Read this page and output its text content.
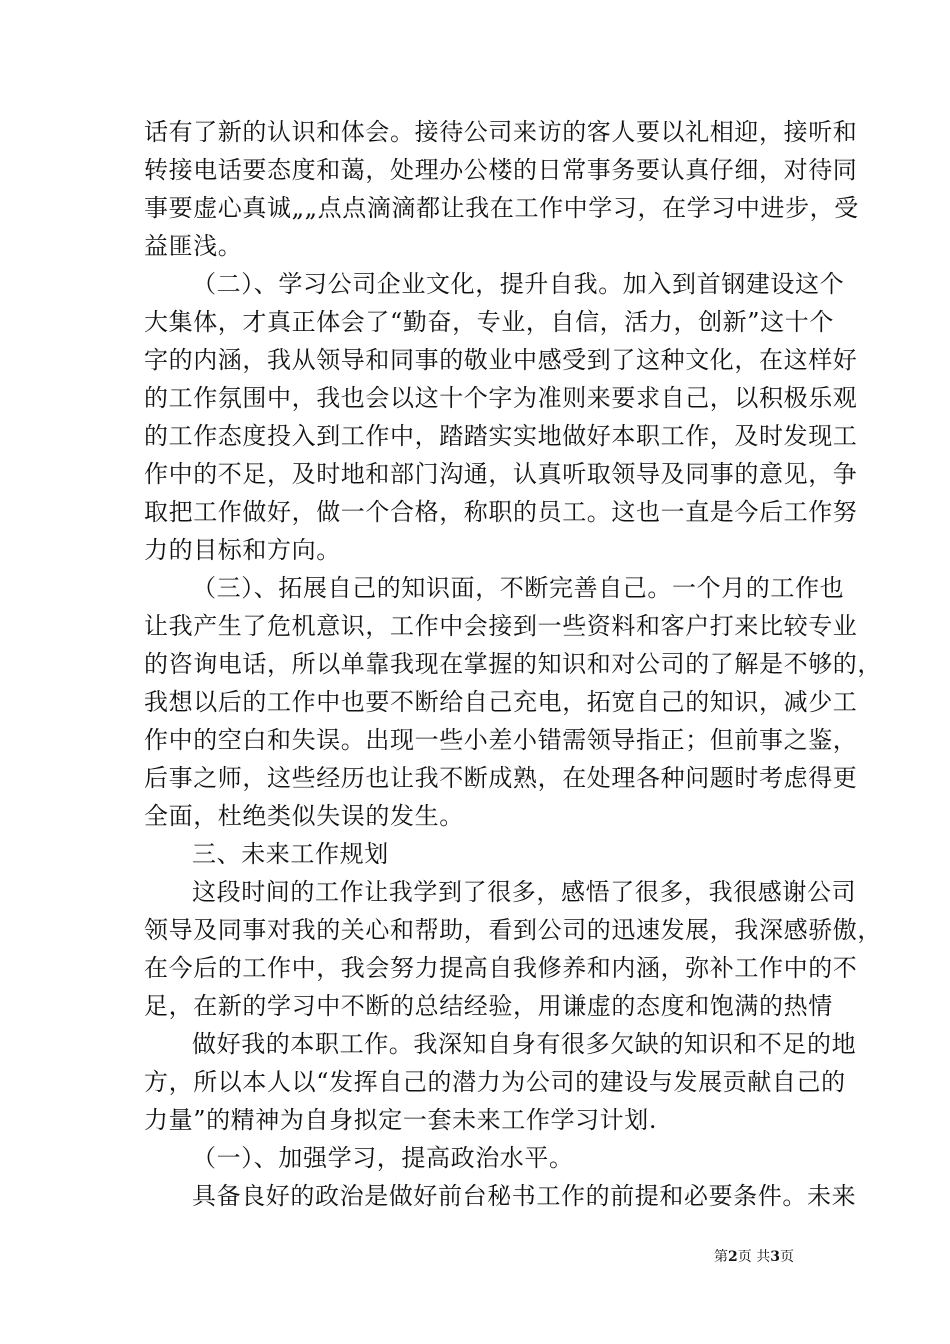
话有了新的认识和体会。接待公司来访的客人要以礼相迎，接听和
转接电话要态度和蔼，处理办公楼的日常事务要认真仔细，对待同
事要虚心真诚„„点点滴滴都让我在工作中学习，在学习中进步，受
益匪浅。
（二）、学习公司企业文化，提升自我。加入到首钢建设这个
大集体，才真正体会了“勤奋，专业，自信，活力，创新”这十个
字的内涵，我从领导和同事的敬业中感受到了这种文化，在这样好
的工作氛围中，我也会以这十个字为准则来要求自己，以积极乐观
的工作态度投入到工作中，踏踏实实地做好本职工作，及时发现工
作中的不足，及时地和部门沟通，认真听取领导及同事的意见，争
取把工作做好，做一个合格，称职的员工。这也一直是今后工作努
力的目标和方向。
（三）、拓展自己的知识面，不断完善自己。一个月的工作也
让我产生了危机意识，工作中会接到一些资料和客户打来比较专业
的咨询电话，所以单靠我现在掌握的知识和对公司的了解是不够的，
我想以后的工作中也要不断给自己充电，拓宽自己的知识，减少工
作中的空白和失误。出现一些小差小错需领导指正；但前事之鉴，
后事之师，这些经历也让我不断成熟，在处理各种问题时考虑得更
全面，杜绝类似失误的发生。
三、未来工作规划
这段时间的工作让我学到了很多，感悟了很多，我很感谢公司
领导及同事对我的关心和帮助，看到公司的迅速发展，我深感骄傲，
在今后的工作中，我会努力提高自我修养和内涵，弥补工作中的不
足，在新的学习中不断的总结经验，用谦虚的态度和饱满的热情
做好我的本职工作。我深知自身有很多欠缺的知识和不足的地
方，所以本人以“发挥自己的潜力为公司的建设与发展贡献自己的
力量”的精神为自身拟定一套未来工作学习计划.
（一）、加强学习，提高政治水平。
具备良好的政治是做好前台秘书工作的前提和必要条件。未来
第2页 共3页
